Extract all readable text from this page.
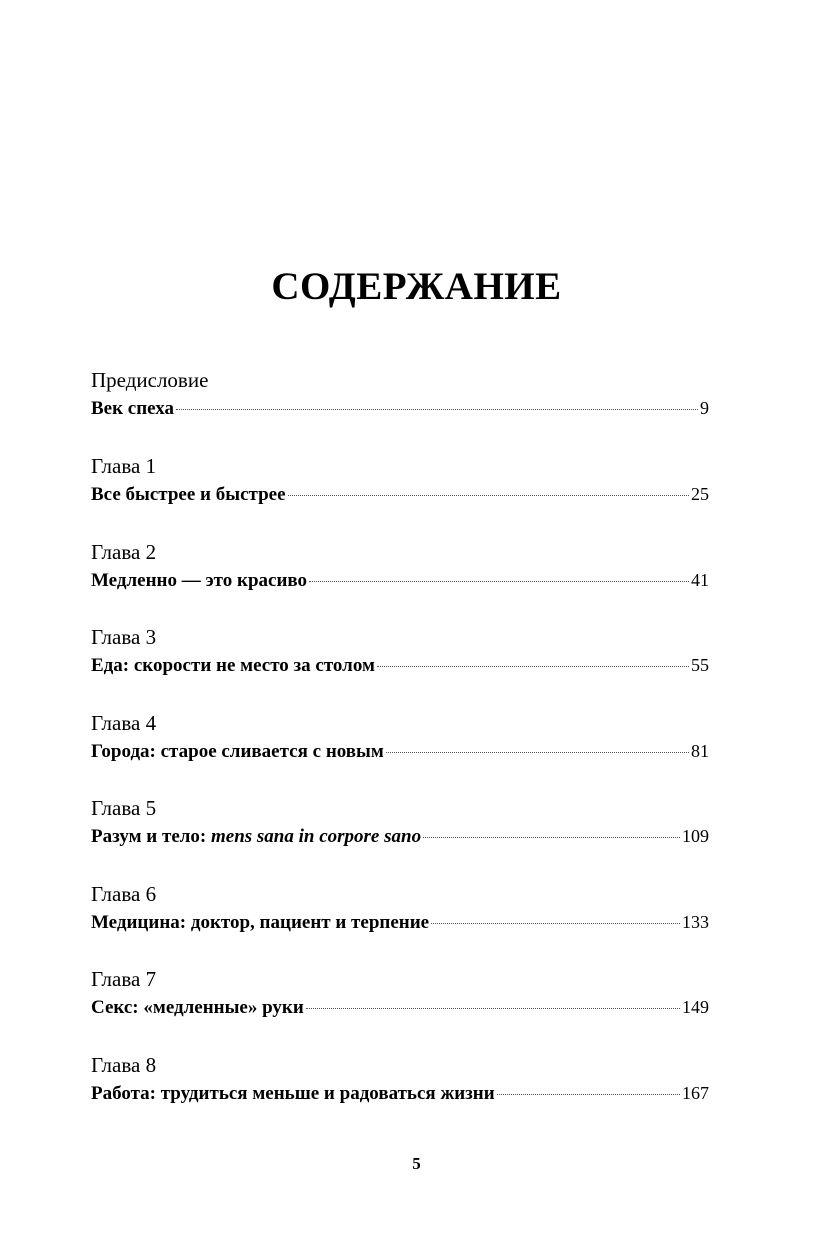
СОДЕРЖАНИЕ
Предисловие
Век спеха	9
Глава 1
Все быстрее и быстрее	25
Глава 2
Медленно — это красиво	41
Глава 3
Еда: скорости не место за столом	55
Глава 4
Города: старое сливается с новым	81
Глава 5
Разум и тело: mens sana in corpore sano	109
Глава 6
Медицина: доктор, пациент и терпение	133
Глава 7
Секс: «медленные» руки	149
Глава 8
Работа: трудиться меньше и радоваться жизни	167
5
